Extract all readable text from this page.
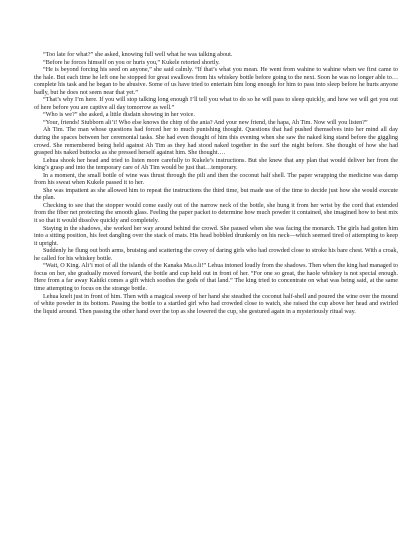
“Too late for what?” she asked, knowing full well what he was talking about.

“Before he forces himself on you or hurts you,” Kukele retorted shortly.

“He is beyond forcing his seed on anyone,” she said calmly. “If that’s what you mean. He went from wahine to wahine when we first came to the hale. But each time he left one he stopped for great swallows from his whiskey bottle before going to the next. Soon he was no longer able to… complete his task and he began to be abusive. Some of us have tried to entertain him long enough for him to pass into sleep before he hurts anyone badly, but he does not seem near that yet.”

“That’s why I’m here. If you will stop talking long enough I’ll tell you what to do so he will pass to sleep quickly, and how we will get you out of here before you are captive all day tomorrow as well.”

“Who is we?” she asked, a little disdain showing in her voice.

“Your, friends! Stubborn ali’i! Who else knows the chirp of the ania? And your new friend, the hapa, Ah Tim. Now will you listen?”

Ah Tim. The man whose questions had forced her to much punishing thought. Questions that had pushed themselves into her mind all day during the spaces between her ceremonial tasks. She had even thought of him this evening when she saw the naked king stand before the giggling crowd. She remembered being held against Ah Tim as they had stood naked together in the surf the night before. She thought of how she had grasped his naked buttocks as she pressed herself against him. She thought….

Lehua shook her head and tried to listen more carefully to Kukele’s instructions. But she knew that any plan that would deliver her from the king’s grasp and into the temporary care of Ah Tim would be just that…temporary.

In a moment, the small bottle of wine was thrust through the pili and then the coconut half shell. The paper wrapping the medicine was damp from his sweat when Kukele passed it to her.

She was impatient as she allowed him to repeat the instructions the third time, but made use of the time to decide just how she would execute the plan.

Checking to see that the stopper would come easily out of the narrow neck of the bottle, she hung it from her wrist by the cord that extended from the fiber net protecting the smooth glass. Feeling the paper packet to determine how much powder it contained, she imagined how to best mix it so that it would dissolve quickly and completely.

Staying in the shadows, she worked her way around behind the crowd. She paused when she was facing the monarch. The girls had gotten him into a sitting position, his feet dangling over the stack of mats. His head bobbled drunkenly on his neck—which seemed tired of attempting to keep it upright.

Suddenly he flung out both arms, bruising and scattering the covey of daring girls who had crowded close to stroke his bare chest. With a croak, he called for his whiskey bottle.

“Wait, O King. Ali’i moi of all the islands of the Kanaka Ma.o.li!” Lehua intoned loudly from the shadows. Then when the king had managed to focus on her, she gradually moved forward, the bottle and cup held out in front of her. “For one so great, the haole whiskey is not special enough. Here from a far away Kahiki comes a gift which soothes the gods of that land.” The king tried to concentrate on what was being said, at the same time attempting to focus on the strange bottle.

Lehua knelt just in front of him. Then with a magical sweep of her hand she steadied the coconut half-shell and poured the wine over the mound of white powder in its bottom. Passing the bottle to a startled girl who had crowded close to watch, she raised the cup above her head and swirled the liquid around. Then passing the other hand over the top as she lowered the cup, she gestured again in a mysteriously ritual way.
